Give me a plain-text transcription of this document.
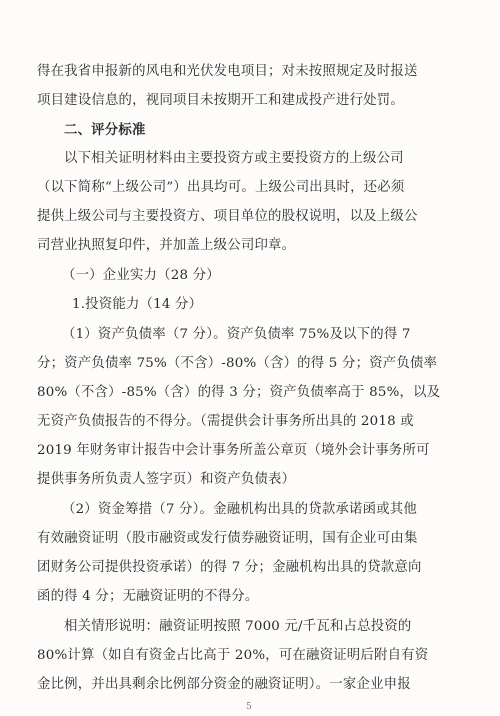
得在我省申报新的风电和光伏发电项目；对未按照规定及时报送
项目建设信息的，视同项目未按期开工和建成投产进行处罚。
二、评分标准
以下相关证明材料由主要投资方或主要投资方的上级公司
（以下简称“上级公司”）出具均可。上级公司出具时，还必须
提供上级公司与主要投资方、项目单位的股权说明，以及上级公
司营业执照复印件，并加盖上级公司印章。
（一）企业实力（28 分）
1.投资能力（14 分）
（1）资产负债率（7 分）。资产负债率 75%及以下的得 7
分；资产负债率 75%（不含）-80%（含）的得 5 分；资产负债率
80%（不含）-85%（含）的得 3 分；资产负债率高于 85%，以及
无资产负债报告的不得分。（需提供会计事务所出具的 2018 或
2019 年财务审计报告中会计事务所盖公章页（境外会计事务所可
提供事务所负责人签字页）和资产负债表）
（2）资金筹措（7 分）。金融机构出具的贷款承诺函或其他
有效融资证明（股市融资或发行债券融资证明，国有企业可由集
团财务公司提供投资承诺）的得 7 分；金融机构出具的贷款意向
函的得 4 分；无融资证明的不得分。
相关情形说明：融资证明按照 7000 元/千瓦和占总投资的
80%计算（如自有资金占比高于 20%，可在融资证明后附自有资
金比例，并出具剩余比例部分资金的融资证明）。一家企业申报
5
